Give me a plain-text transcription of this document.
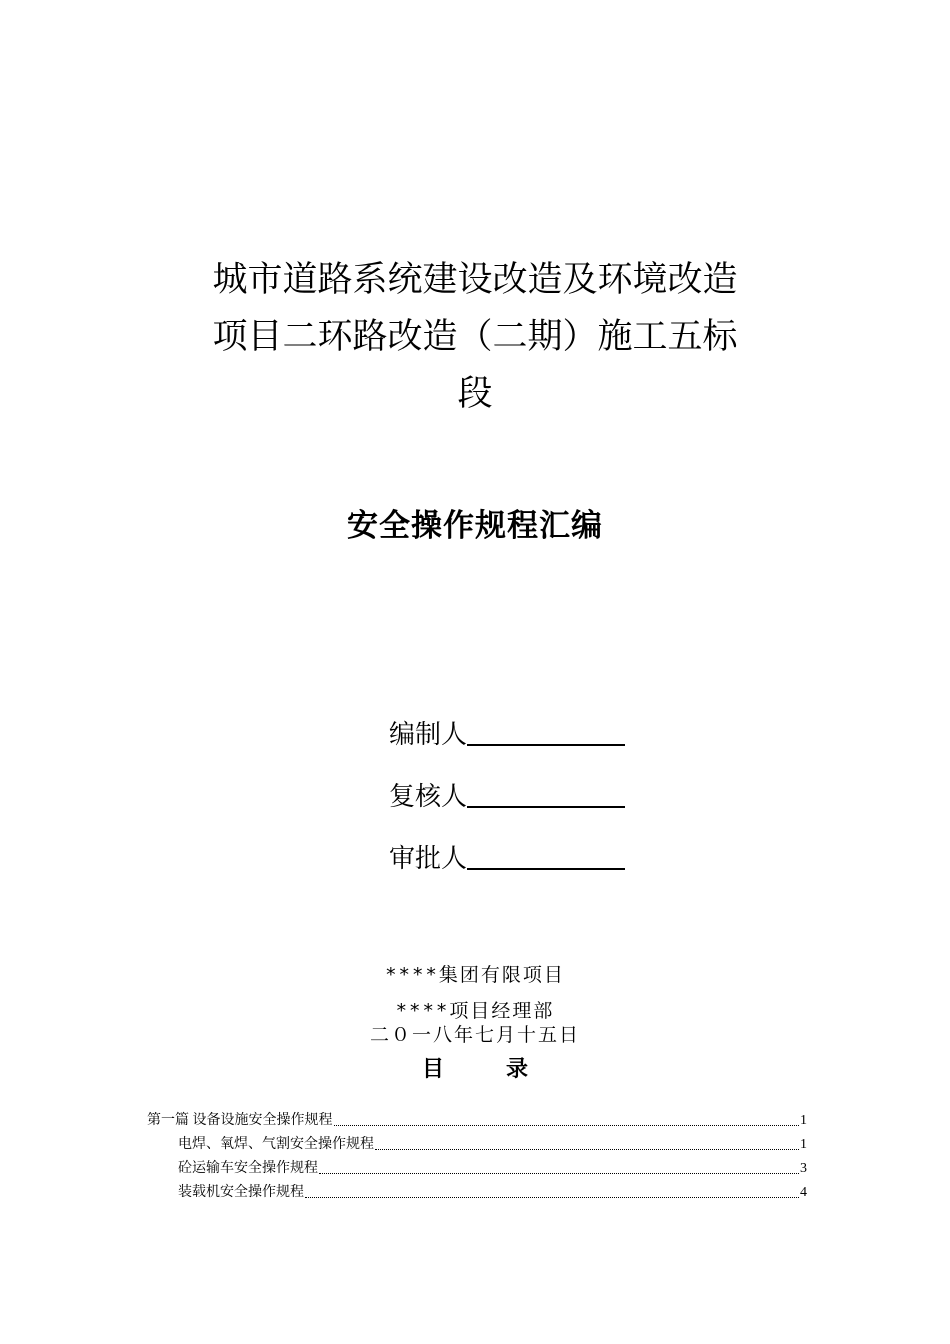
城市道路系统建设改造及环境改造
项目二环路改造（二期）施工五标
段
安全操作规程汇编
编制人
复核人
审批人
****集团有限项目
****项目经理部
二０一八年七月十五日
目	录
第一篇 设备设施安全操作规程	1
电焊、氧焊、气割安全操作规程	1
砼运输车安全操作规程	3
装载机安全操作规程	4
